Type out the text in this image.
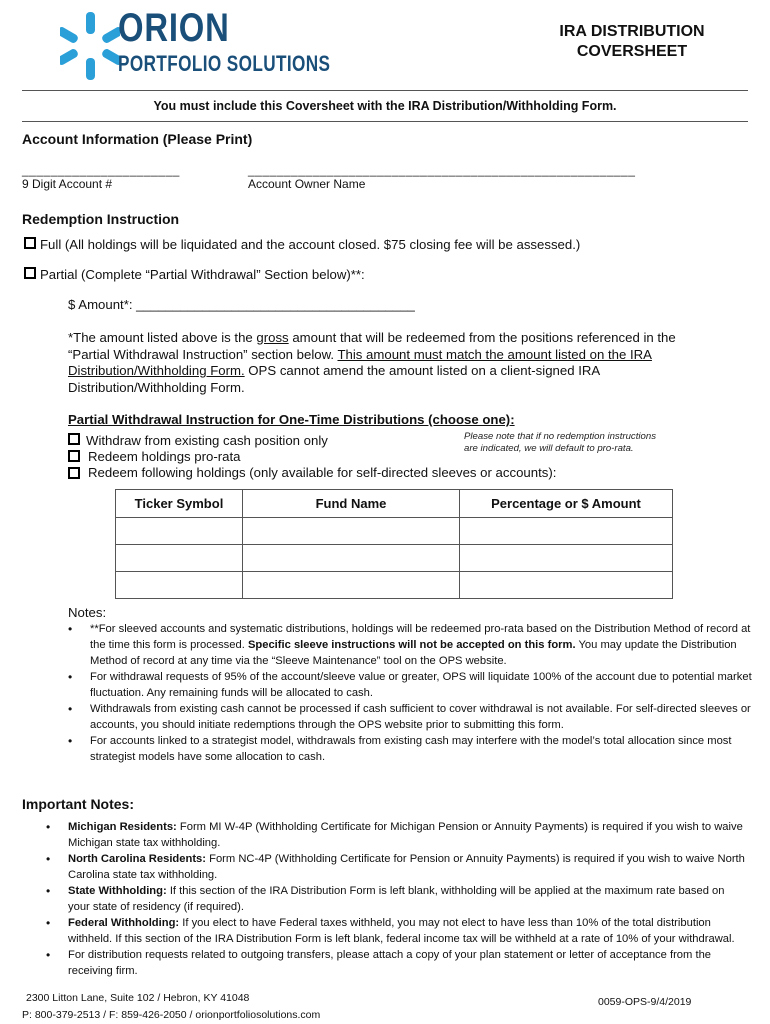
ORION
PORTFOLIO SOLUTIONS
IRA DISTRIBUTION
COVERSHEET
You must include this Coversheet with the IRA Distribution/Withholding Form.
Account Information (Please Print)
______________________	______________________________________________________
9 Digit Account #	Account Owner Name
Redemption Instruction
Full (All holdings will be liquidated and the account closed. $75 closing fee will be assessed.)
Partial (Complete “Partial Withdrawal” Section below)**:
$ Amount*: ______________________________________
*The amount listed above is the gross amount that will be redeemed from the positions referenced in the “Partial Withdrawal Instruction” section below. This amount must match the amount listed on the IRA Distribution/Withholding Form. OPS cannot amend the amount listed on a client-signed IRA Distribution/Withholding Form.
Partial Withdrawal Instruction for One-Time Distributions (choose one):
Withdraw from existing cash position only
Redeem holdings pro-rata
Redeem following holdings (only available for self-directed sleeves or accounts):
Please note that if no redemption instructions
are indicated, we will default to pro-rata.
Ticker Symbol	Fund Name	Percentage or $ Amount

Notes:
• **For sleeved accounts and systematic distributions, holdings will be redeemed pro-rata based on the Distribution Method of record at the time this form is processed. Specific sleeve instructions will not be accepted on this form. You may update the Distribution Method of record at any time via the “Sleeve Maintenance” tool on the OPS website.
• For withdrawal requests of 95% of the account/sleeve value or greater, OPS will liquidate 100% of the account due to potential market fluctuation. Any remaining funds will be allocated to cash.
• Withdrawals from existing cash cannot be processed if cash sufficient to cover withdrawal is not available. For self-directed sleeves or accounts, you should initiate redemptions through the OPS website prior to submitting this form.
• For accounts linked to a strategist model, withdrawals from existing cash may interfere with the model’s total allocation since most strategist models have some allocation to cash.
Important Notes:
• Michigan Residents: Form MI W-4P (Withholding Certificate for Michigan Pension or Annuity Payments) is required if you wish to waive Michigan state tax withholding.
• North Carolina Residents: Form NC-4P (Withholding Certificate for Pension or Annuity Payments) is required if you wish to waive North Carolina state tax withholding.
• State Withholding: If this section of the IRA Distribution Form is left blank, withholding will be applied at the maximum rate based on your state of residency (if required).
• Federal Withholding: If you elect to have Federal taxes withheld, you may not elect to have less than 10% of the total distribution withheld. If this section of the IRA Distribution Form is left blank, federal income tax will be withheld at a rate of 10% of your withdrawal.
• For distribution requests related to outgoing transfers, please attach a copy of your plan statement or letter of acceptance from the receiving firm.
2300 Litton Lane, Suite 102 / Hebron, KY 41048
P: 800-379-2513 / F: 859-426-2050 / orionportfoliosolutions.com
0059-OPS-9/4/2019
